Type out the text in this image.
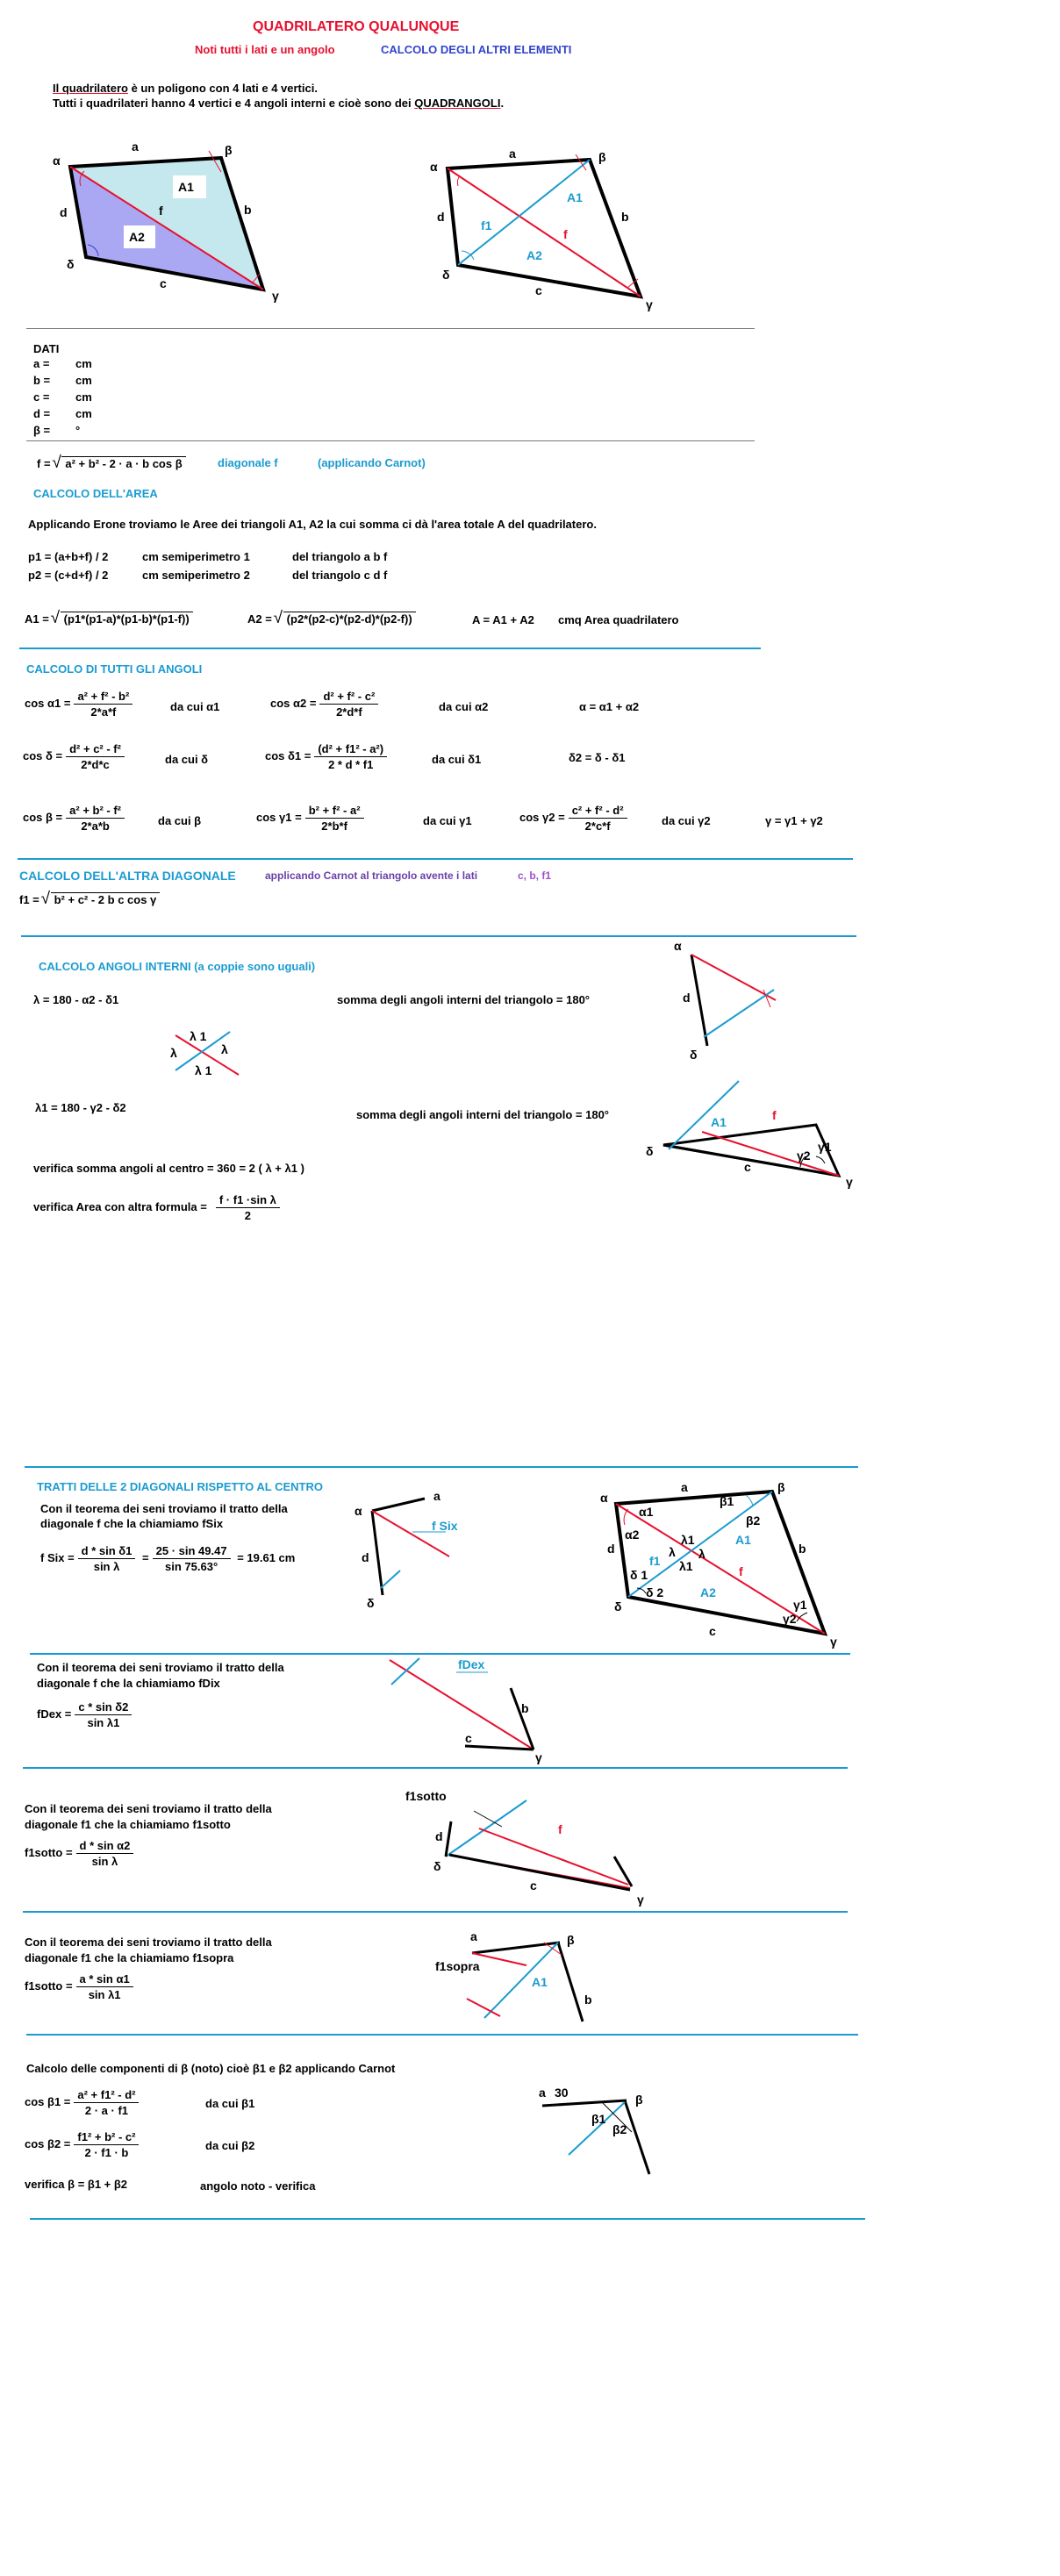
QUADRILATERO QUALUNQUE
Noti tutti i lati e un angolo	CALCOLO DEGLI ALTRI ELEMENTI
Il quadrilatero è un poligono con 4 lati e 4 vertici.
Tutti i quadrilateri hanno 4 vertici e 4 angoli interni e cioè sono dei QUADRANGOLI.
α
β
γ
δ
a
b
c
d	f
A1
A2
α
β
γ
δ
a
b
c
d
f
f1
A1
A2
DATI
a = cm
b = cm
c = cm
d = cm
β = °
f = √ a² + b² - 2 · a · b cos β	diagonale f	(applicando Carnot)
CALCOLO DELL'AREA
Applicando Erone troviamo le Aree dei triangoli A1, A2 la cui somma ci dà l'area totale A del quadrilatero.
p1 = (a+b+f) / 2	cm semiperimetro 1	del triangolo a b f
p2 = (c+d+f) / 2	cm semiperimetro 2	del triangolo c d f
A1 = √ (p1*(p1-a)*(p1-b)*(p1-f))	A2 = √ (p2*(p2-c)*(p2-d)*(p2-f))	A = A1 + A2 cmq Area quadrilatero
CALCOLO DI TUTTI GLI ANGOLI
$\cos \alpha 1 = \frac{\text{a² + f² - b²}}{2*a*f}$	da cui α1	$\cos \alpha 2 = \frac{\text{d² + f² - c²}}{2*d*f}$	da cui α2	α = α1 + α2
$\cos \delta = \frac{\text{d² + c² - f²}}{2*d*c}$	da cui δ	$\cos \delta 1 = \frac{\text{(d² + f1² - a²)}}{2 * d * f1}$	da cui δ1	δ2 = δ - δ1
$\cos \beta = \frac{\text{a² + b² - f²}}{2*a*b}$	da cui β	$\cos \gamma 1 = \frac{\text{b² + f² - a²}}{2*b*f}$	da cui γ1	$\cos \gamma 2 = \frac{\text{c² + f² - d²}}{2*c*f}$	da cui γ2	γ = γ1 + γ2
CALCOLO DELL'ALTRA DIAGONALE	applicando Carnot al triangolo avente i lati	c, b, f1
f1 = √ b² + c² - 2 b c cos γ
CALCOLO ANGOLI INTERNI (a coppie sono uguali)
λ = 180 - α2 - δ1	somma degli angoli interni del triangolo = 180°
λ 1
λ	λ
λ 1
α
d
δ
λ1 = 180 - γ2 - δ2
somma degli angoli interni del triangolo = 180°
δ
γ
c
A1	f
γ2
γ1
verifica somma angoli al centro = 360 = 2 ( λ + λ1 )
verifica Area con altra formula = $\frac{\text{f · f1 ·sin λ}}{2}$
TRATTI DELLE 2 DIAGONALI RISPETTO AL CENTRO
Con il teorema dei seni troviamo il tratto della
diagonale f che la chiamiamo fSix
f Six = $\frac{\text{d * sin δ1}}{\text{sin λ}} = \frac{25 \cdot \sin 49.47}{\sin 75.63^\circ} = 19.61$ cm
α
a
d
δ
f Six
α
β
γ
δ
a
b
c
d
α1
α2
β1
β2
A1
A2
f
f1
λ1
λ λ
λ1
δ 1
δ 2
γ1
γ2
Con il teorema dei seni troviamo il tratto della
diagonale f che la chiamiamo fDix
fDex = $\frac{\text{c * sin δ2}}{\text{sin λ1}}$
fDex
b
c
γ
Con il teorema dei seni troviamo il tratto della
diagonale f1 che la chiamiamo f1sotto
f1sotto = $\frac{\text{d * sin α2}}{\text{sin λ}}$
f1sotto
d
δ
f
c
γ
Con il teorema dei seni troviamo il tratto della
diagonale f1 che la chiamiamo f1sopra
f1sotto = $\frac{\text{a * sin α1}}{\text{sin λ1}}$
a	β
f1sopra
A1
b
Calcolo delle componenti di β (noto) cioè β1 e β2 applicando Carnot
$\cos \beta 1 = \frac{\text{a² + f1² - d²}}{2 \cdot a \cdot f1}$	da cui β1
$\cos \beta 2 = \frac{\text{f1² + b² - c²}}{2 \cdot f1 \cdot b}$	da cui β2
verifica β = β1 + β2	angolo noto - verifica
a 30	β
β1
β2
